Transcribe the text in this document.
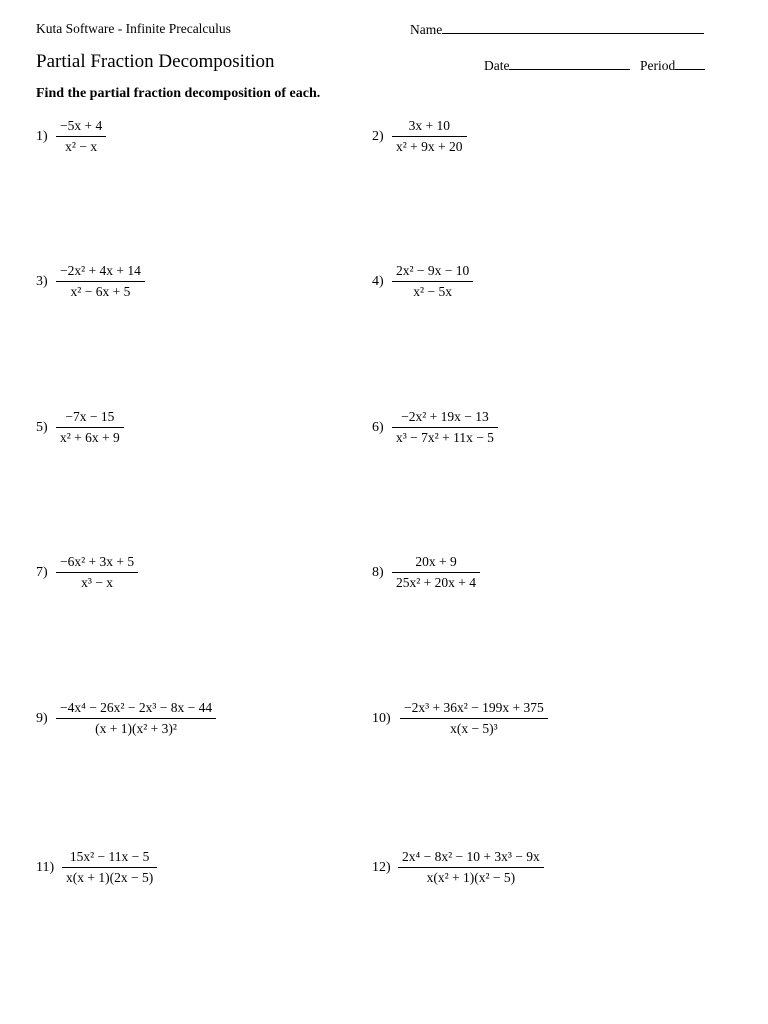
Kuta Software - Infinite Precalculus	Name
Partial Fraction Decomposition	Date	Period
Find the partial fraction decomposition of each.
$1) \frac{-5x + 4}{\text{x² − x}}$	$2) \frac{3x + 10}{\text{x² + 9x + 20}}$
$3) \frac{\text{−2x² + 4x + 14}}{\text{x² − 6x + 5}}$	$4) \frac{\text{2x² − 9x − 10}}{\text{x² − 5x}}$
$5) \frac{-7x - 15}{\text{x² + 6x + 9}}$	$6) \frac{\text{−2x² + 19x − 13}}{\text{x³ − 7x² + 11x − 5}}$
$7) \frac{\text{−6x² + 3x + 5}}{\text{x³ − x}}$	$8) \frac{20x + 9}{\text{25x² + 20x + 4}}$
$9) \frac{\text{−4x⁴ − 26x² − 2x³ − 8x − 44}}{\text{(x + 1)(x² + 3)²}}$	$10) \frac{\text{−2x³ + 36x² − 199x + 375}}{\text{x(x − 5)³}}$
$11) \frac{\text{15x² − 11x − 5}}{x(x + 1)(2x - 5)}$	$12) \frac{\text{2x⁴ − 8x² − 10 + 3x³ − 9x}}{\text{x(x² + 1)(x² − 5)}}$
